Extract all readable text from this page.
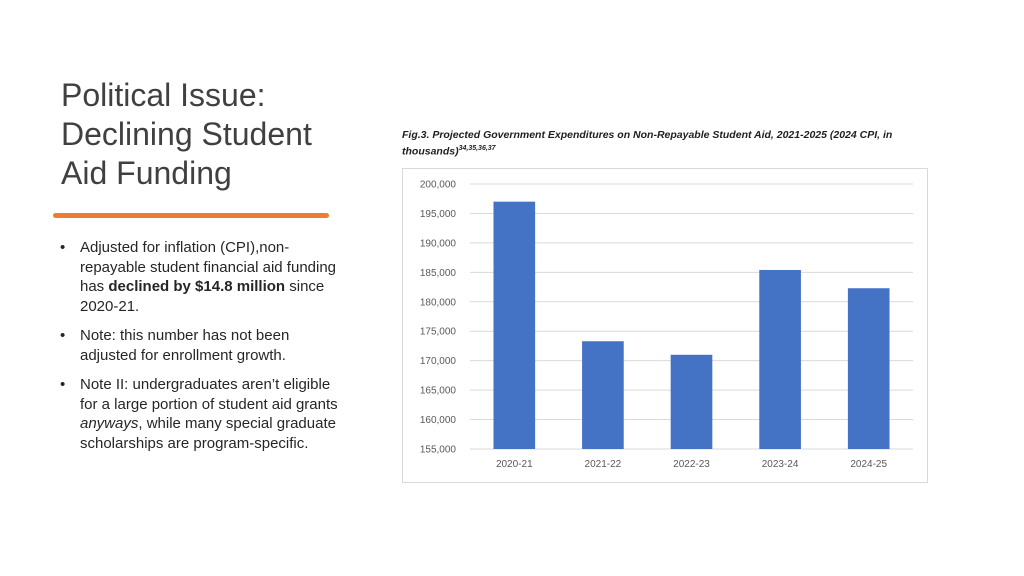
Political Issue:
Declining Student
Aid Funding
• Adjusted for inflation (CPI),non-repayable student financial aid funding has declined by $14.8 million since 2020-21.
• Note: this number has not been adjusted for enrollment growth.
• Note II: undergraduates aren’t eligible for a large portion of student aid grants anyways, while many special graduate scholarships are program-specific.
Fig.3. Projected Government Expenditures on Non-Repayable Student Aid, 2021-2025 (2024 CPI, in thousands)$^{34,35,36,37}$
155,000
160,000
165,000
170,000
175,000
180,000
185,000
190,000
195,000
200,000
2020-21	2021-22	2022-23	2023-24	2024-25
